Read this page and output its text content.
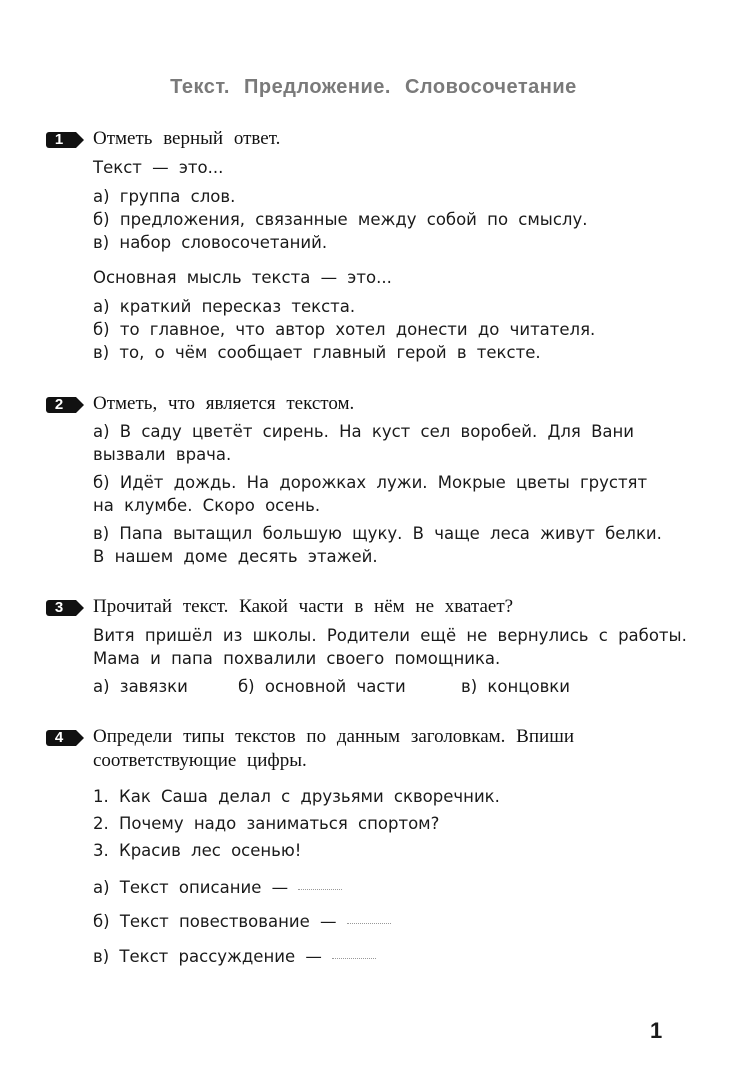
Текст. Предложение. Словосочетание
1	Отметь верный ответ.
Текст — это...
а) группа слов.
б) предложения, связанные между собой по смыслу.
в) набор словосочетаний.
Основная мысль текста — это...
а) краткий пересказ текста.
б) то главное, что автор хотел донести до читателя.
в) то, о чём сообщает главный герой в тексте.
2	Отметь, что является текстом.
а) В саду цветёт сирень. На куст сел воробей. Для Вани
вызвали врача.
б) Идёт дождь. На дорожках лужи. Мокрые цветы грустят
на клумбе. Скоро осень.
в) Папа вытащил большую щуку. В чаще леса живут белки.
В нашем доме десять этажей.
3	Прочитай текст. Какой части в нём не хватает?
Витя пришёл из школы. Родители ещё не вернулись с работы.
Мама и папа похвалили своего помощника.
а) завязки	б) основной части	в) концовки
4	Определи типы текстов по данным заголовкам. Впиши
соответствующие цифры.
1. Как Саша делал с друзьями скворечник.
2. Почему надо заниматься спортом?
3. Красив лес осенью!
а) Текст описание —
б) Текст повествование —
в) Текст рассуждение —
1
